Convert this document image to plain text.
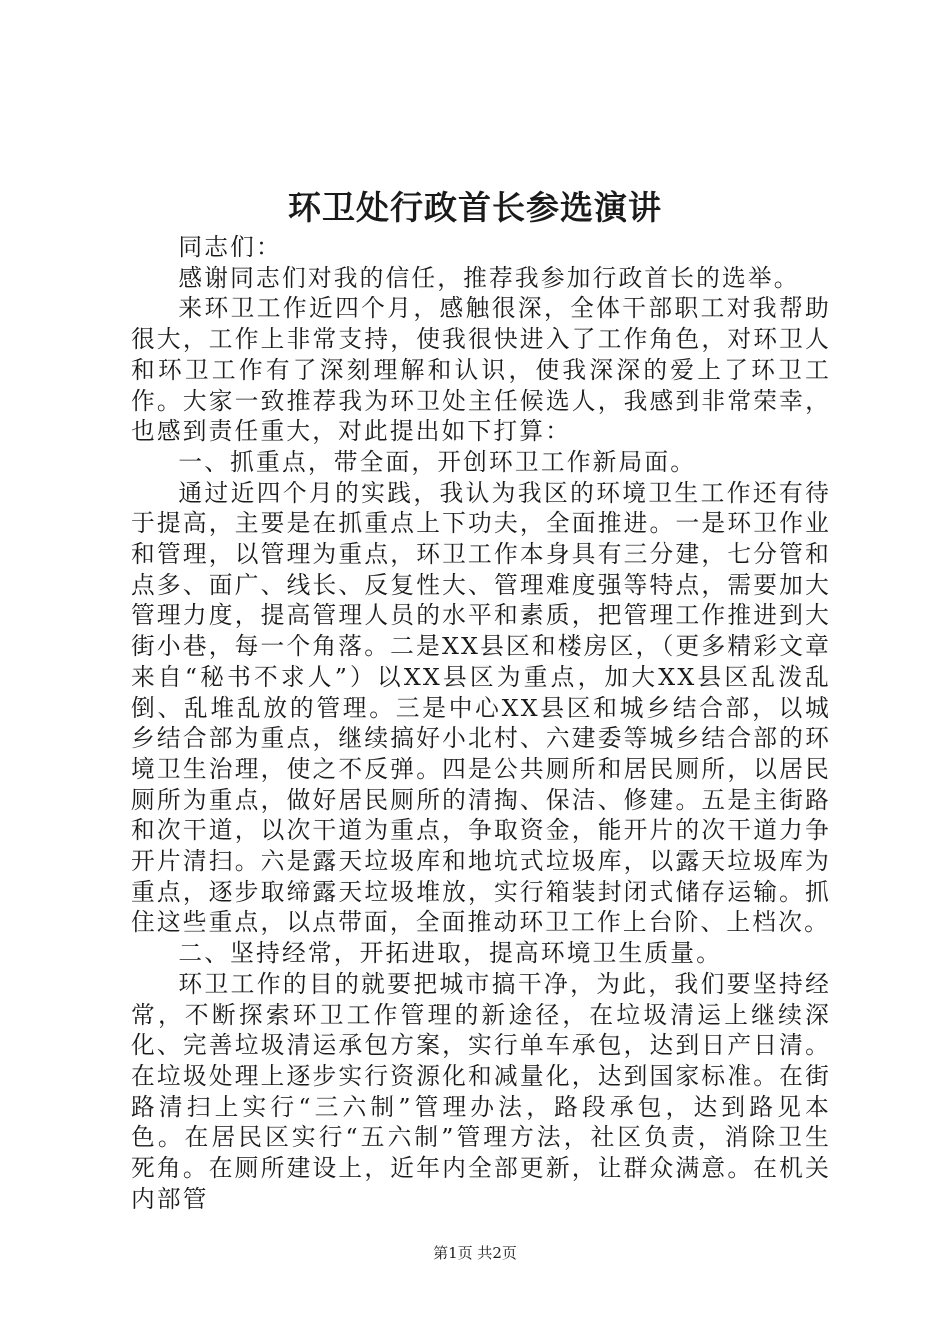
环卫处行政首长参选演讲

同志们：

感谢同志们对我的信任，推荐我参加行政首长的选举。

来环卫工作近四个月，感触很深，全体干部职工对我帮助很大，工作上非常支持，使我很快进入了工作角色，对环卫人和环卫工作有了深刻理解和认识，使我深深的爱上了环卫工作。大家一致推荐我为环卫处主任候选人，我感到非常荣幸，也感到责任重大，对此提出如下打算：

一、抓重点，带全面，开创环卫工作新局面。

通过近四个月的实践，我认为我区的环境卫生工作还有待于提高，主要是在抓重点上下功夫，全面推进。一是环卫作业和管理，以管理为重点，环卫工作本身具有三分建，七分管和点多、面广、线长、反复性大、管理难度强等特点，需要加大管理力度，提高管理人员的水平和素质，把管理工作推进到大街小巷，每一个角落。二是XX县区和楼房区，（更多精彩文章来自“秘书不求人”）以XX县区为重点，加大XX县区乱泼乱倒、乱堆乱放的管理。三是中心XX县区和城乡结合部，以城乡结合部为重点，继续搞好小北村、六建委等城乡结合部的环境卫生治理，使之不反弹。四是公共厕所和居民厕所，以居民厕所为重点，做好居民厕所的清掏、保洁、修建。五是主街路和次干道，以次干道为重点，争取资金，能开片的次干道力争开片清扫。六是露天垃圾库和地坑式垃圾库，以露天垃圾库为重点，逐步取缔露天垃圾堆放，实行箱装封闭式储存运输。抓住这些重点，以点带面，全面推动环卫工作上台阶、上档次。

二、坚持经常，开拓进取，提高环境卫生质量。

环卫工作的目的就要把城市搞干净，为此，我们要坚持经常，不断探索环卫工作管理的新途径，在垃圾清运上继续深化、完善垃圾清运承包方案，实行单车承包，达到日产日清。在垃圾处理上逐步实行资源化和减量化，达到国家标准。在街路清扫上实行“三六制”管理办法，路段承包，达到路见本色。在居民区实行“五六制”管理方法，社区负责，消除卫生死角。在厕所建设上，近年内全部更新，让群众满意。在机关内部管

第1页 共2页
